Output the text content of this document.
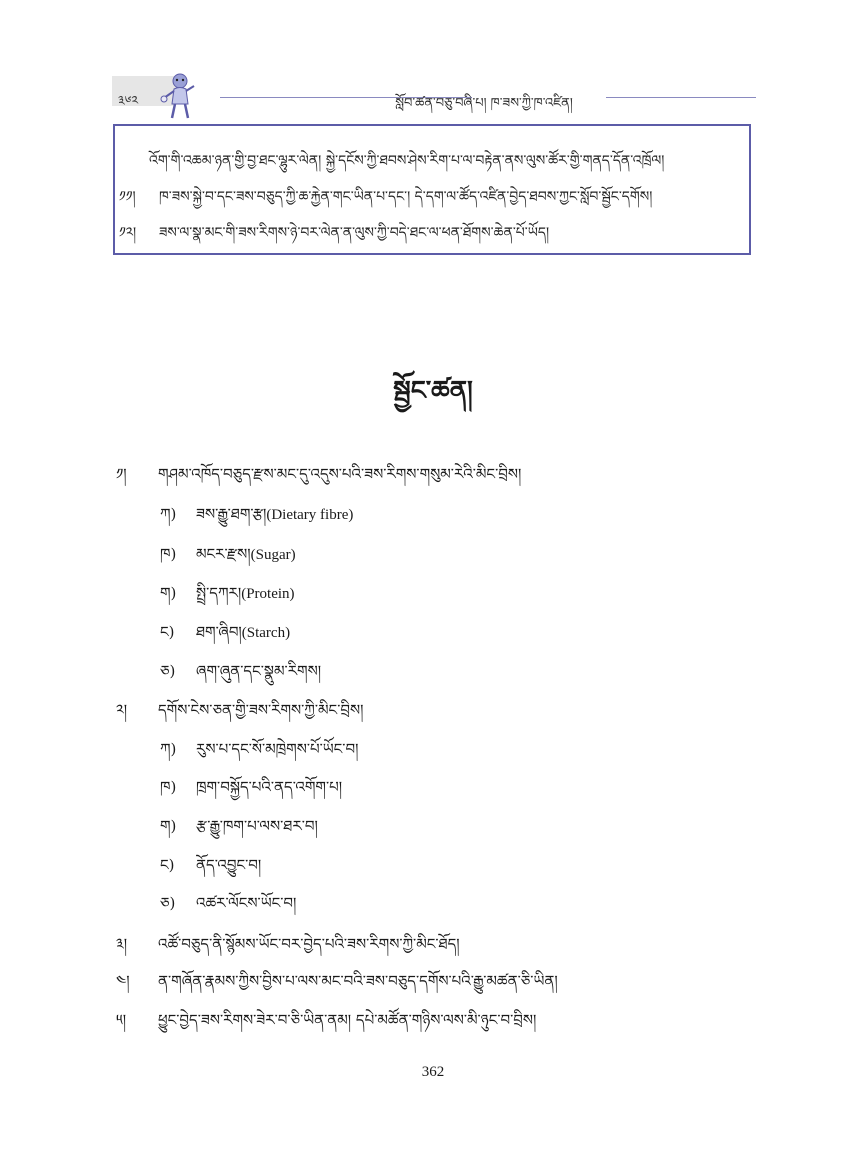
༣༦༢	སློབ་ཚན་བཅུ་བཞི་པ། ཁ་ཟས་ཀྱི་ཁ་འཛིན།
འོག་གི་འཆམ་ཉན་གྱི་བྱ་ཐང་ལྷུར་ལེན། སྐྱེ་དངོས་ཀྱི་ཐབས་ཤེས་རིག་པ་ལ་བརྟེན་ནས་ལུས་ཚོར་གྱི་གནད་དོན་འཁྲོལ།
༡༡། ཁ་ཟས་སྐྱེ་བ་དང་ཟས་བཅུད་ཀྱི་ཆ་རྐྱེན་གང་ཡིན་པ་དང་། དེ་དག་ལ་ཚོད་འཛིན་བྱེད་ཐབས་ཀྱང་སློབ་སྦྱོང་དགོས།
༡༢། ཟས་ལ་སྣ་མང་གི་ཟས་རིགས་ཉེ་བར་ལེན་ན་ལུས་ཀྱི་བདེ་ཐང་ལ་ཕན་ཐོགས་ཆེན་པོ་ཡོད།
སྦྱོང་ཚན།
༡། གཤམ་འཁོད་བཅུད་རྫས་མང་དུ་འདུས་པའི་ཟས་རིགས་གསུམ་རེའི་མིང་བྲིས།
ཀ) ཟས་རྒྱུ་ཐག་རྩ།(Dietary fibre)
ཁ) མངར་རྫས།(Sugar)
ག) སྤྲི་དཀར།(Protein)
ང) ཐག་ཞིབ།(Starch)
ཅ) ཞག་ཞུན་དང་སྣུམ་རིགས།
༢། དགོས་ངེས་ཅན་གྱི་ཟས་རིགས་ཀྱི་མིང་བྲིས།
ཀ) རུས་པ་དང་སོ་མཁྲེགས་པོ་ཡོང་བ།
ཁ) ཁྲག་བསྐྱོད་པའི་ནད་འགོག་པ།
ག) རྩ་རྒྱུ་ཁག་པ་ལས་ཐར་བ།
ང) ནོད་འབྱུང་བ།
ཅ) འཚར་ལོངས་ཡོང་བ།
༣། འཚོ་བཅུད་ནི་སྙོམས་ཡོང་བར་བྱེད་པའི་ཟས་རིགས་ཀྱི་མིང་ཐོད།
༤། ན་གཞོན་རྣམས་ཀྱིས་བྱིས་པ་ལས་མང་བའི་ཟས་བཅུད་དགོས་པའི་རྒྱུ་མཚན་ཅི་ཡིན།
༥། ཕྱུང་བྱེད་ཟས་རིགས་ཟེར་བ་ཅི་ཡིན་ནམ། དཔེ་མཚོན་གཉིས་ལས་མི་ཉུང་བ་བྲིས།
362
